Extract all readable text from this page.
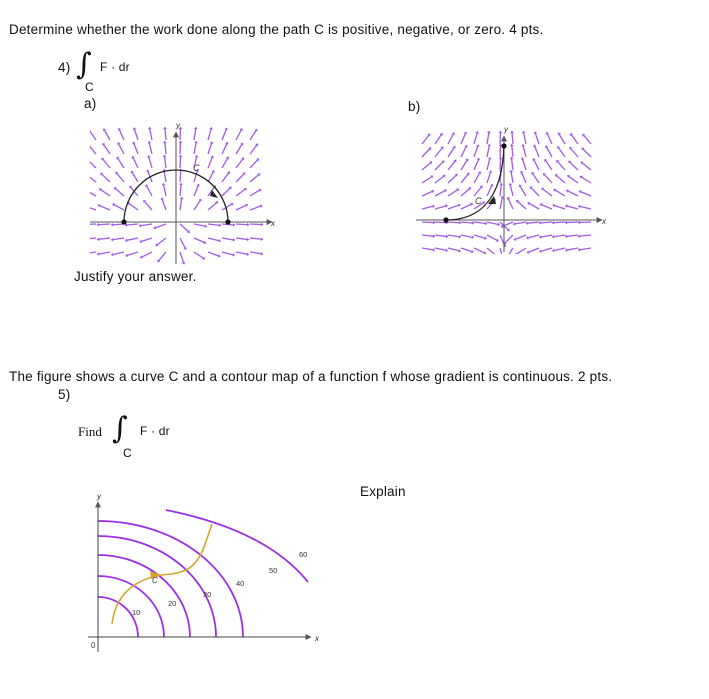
Determine whether the work done along the path C is positive, negative, or zero. 4 pts.
4) ∫ F · dr
C
a)	b)
x
y
C
x
y
C
Justify your answer.
The figure shows a curve C and a contour map of a function f whose gradient is continuous. 2 pts.
5)
Find ∫ F · dr
C
Explain
x
y
0
10
20
30
40
50
60
C
